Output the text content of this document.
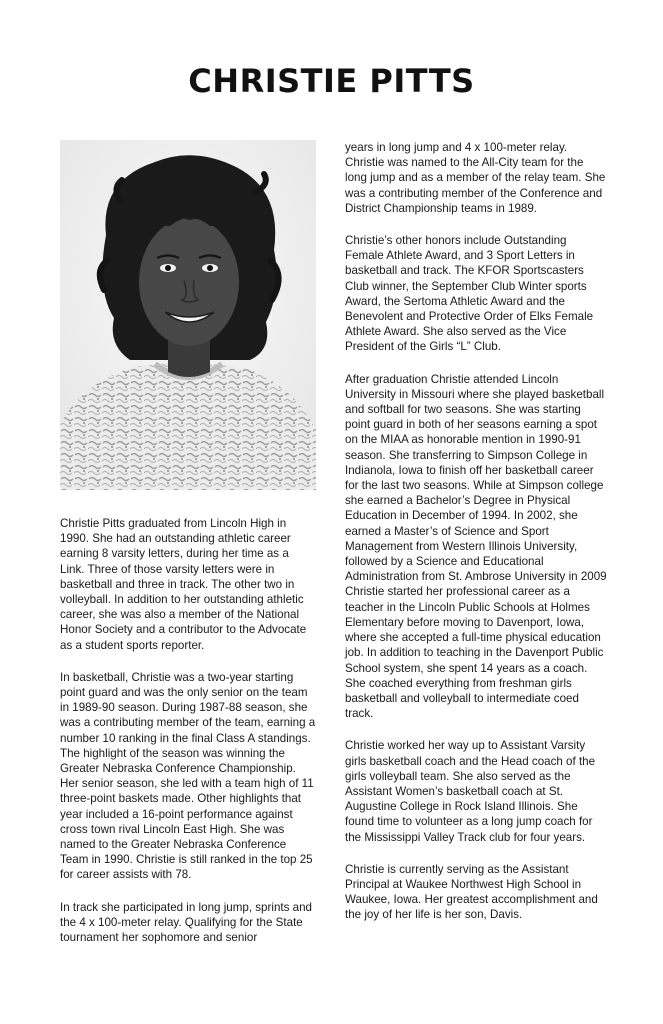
CHRISTIE PITTS

Christie Pitts graduated from Lincoln High in 1990. She had an outstanding athletic career earning 8 varsity letters, during her time as a Link. Three of those varsity letters were in basketball and three in track. The other two in volleyball. In addition to her outstanding athletic career, she was also a member of the National Honor Society and a contributor to the Advocate as a student sports reporter.

In basketball, Christie was a two-year starting point guard and was the only senior on the team in 1989-90 season. During 1987-88 season, she was a contributing member of the team, earning a number 10 ranking in the final Class A standings. The highlight of the season was winning the Greater Nebraska Conference Championship. Her senior season, she led with a team high of 11 three-point baskets made. Other highlights that year included a 16-point performance against cross town rival Lincoln East High. She was named to the Greater Nebraska Conference Team in 1990. Christie is still ranked in the top 25 for career assists with 78.

In track she participated in long jump, sprints and the 4 x 100-meter relay. Qualifying for the State tournament her sophomore and senior

years in long jump and 4 x 100-meter relay. Christie was named to the All-City team for the long jump and as a member of the relay team. She was a contributing member of the Conference and District Championship teams in 1989.

Christie’s other honors include Outstanding Female Athlete Award, and 3 Sport Letters in basketball and track. The KFOR Sportscasters Club winner, the September Club Winter sports Award, the Sertoma Athletic Award and the Benevolent and Protective Order of Elks Female Athlete Award. She also served as the Vice President of the Girls “L” Club.

After graduation Christie attended Lincoln University in Missouri where she played basketball and softball for two seasons. She was starting point guard in both of her seasons earning a spot on the MIAA as honorable mention in 1990-91 season. She transferring to Simpson College in Indianola, Iowa to finish off her basketball career for the last two seasons. While at Simpson college she earned a Bachelor’s Degree in Physical Education in December of 1994. In 2002, she earned a Master’s of Science and Sport Management from Western Illinois University, followed by a Science and Educational Administration from St. Ambrose University in 2009 Christie started her professional career as a teacher in the Lincoln Public Schools at Holmes Elementary before moving to Davenport, Iowa, where she accepted a full-time physical education job. In addition to teaching in the Davenport Public School system, she spent 14 years as a coach. She coached everything from freshman girls basketball and volleyball to intermediate coed track.

Christie worked her way up to Assistant Varsity girls basketball coach and the Head coach of the girls volleyball team. She also served as the Assistant Women’s basketball coach at St. Augustine College in Rock Island Illinois. She found time to volunteer as a long jump coach for the Mississippi Valley Track club for four years.

Christie is currently serving as the Assistant Principal at Waukee Northwest High School in Waukee, Iowa. Her greatest accomplishment and the joy of her life is her son, Davis.
